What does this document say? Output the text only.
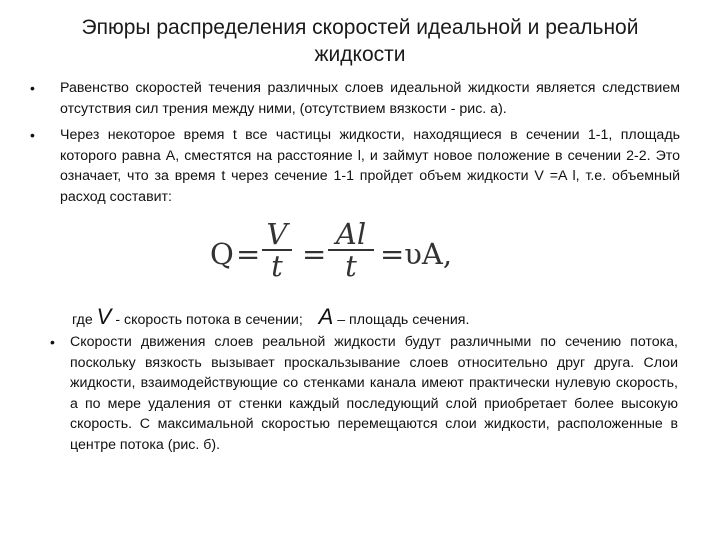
Эпюры распределения скоростей идеальной и реальной жидкости
• Равенство скоростей течения различных слоев идеальной жидкости является следствием отсутствия сил трения между ними, (отсутствием вязкости - рис. а).
• Через некоторое время t все частицы жидкости, находящиеся в сечении 1-1, площадь которого равна А, сместятся на расстояние l, и займут новое положение в сечении 2-2. Это означает, что за время t через сечение 1-1 пройдет объем жидкости V =A l, т.е. объемный расход составит:
Q =
V
t =
Al
t =υA,
где V - скорость потока в сечении; А – площадь сечения.
• Скорости движения слоев реальной жидкости будут различными по сечению потока, поскольку вязкость вызывает проскальзывание слоев относительно друг друга. Слои жидкости, взаимодействующие со стенками канала имеют практически нулевую скорость, а по мере удаления от стенки каждый последующий слой приобретает более высокую скорость. С максимальной скоростью перемещаются слои жидкости, расположенные в центре потока (рис. б).
